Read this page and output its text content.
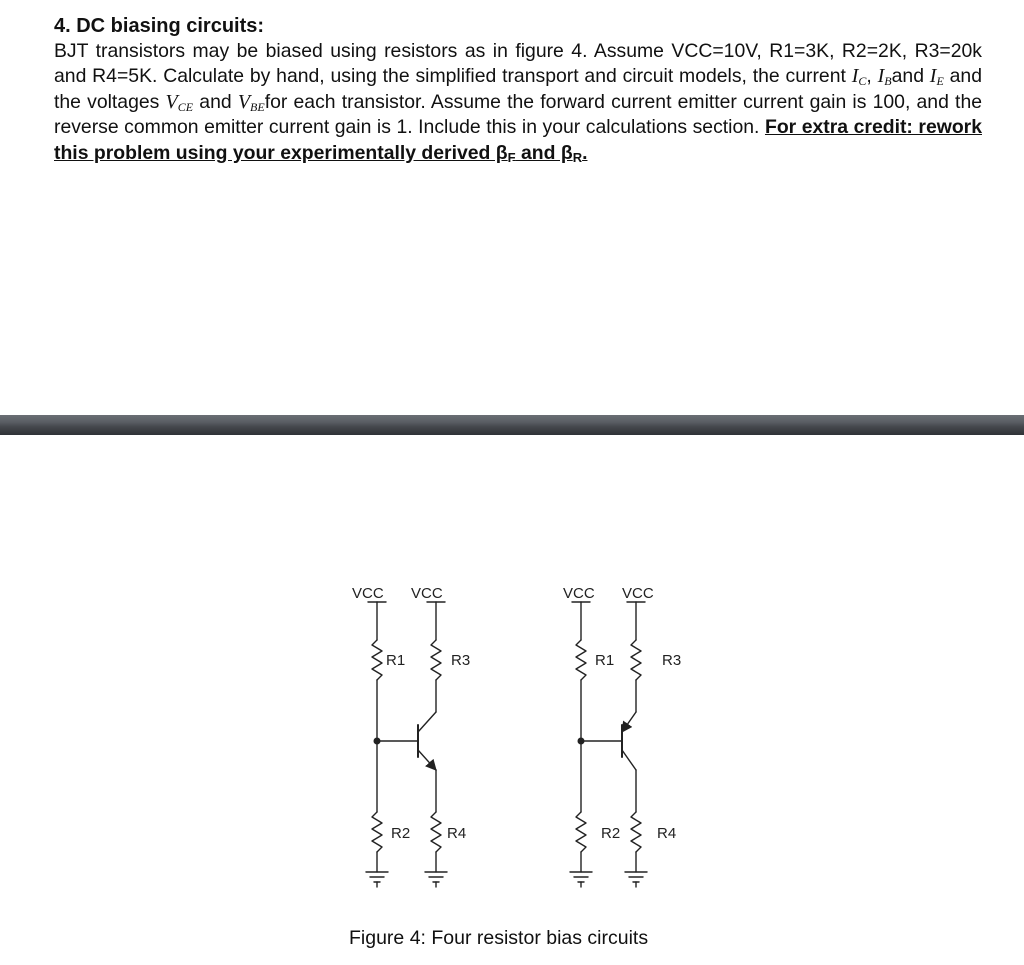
4. DC biasing circuits:

BJT transistors may be biased using resistors as in figure 4. Assume VCC=10V, R1=3K, R2=2K, R3=20k and R4=5K. Calculate by hand, using the simplified transport and circuit models, the current $I_C$, $I_Band$ $I_E$ and the voltages $V_{CE}$ and $V_{BE}for$ each transistor. Assume the forward current emitter current gain is 100, and the reverse common emitter current gain is 1. Include this in your calculations section. For extra credit: rework this problem using your experimentally derived $\beta_F$ and $\beta_R$.

VCC VCC
R1	R3
R2 R4
VCC VCC
R1	R3
R2 R4

Figure 4: Four resistor bias circuits
